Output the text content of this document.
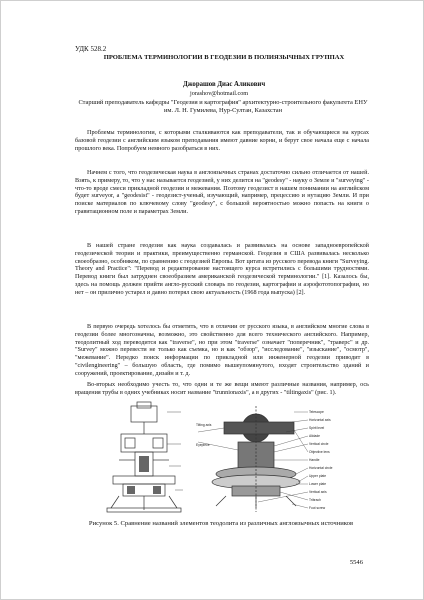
УДК 528.2
ПРОБЛЕМА ТЕРМИНОЛОГИИ В ГЕОДЕЗИИ В ПОЛИЯЗЫЧНЫХ ГРУППАХ
Джорашов Диас Аликович
jorashov@hotmail.com
Старший преподаватель кафедры "Геодезия и картография" архитектурно-строительного факультета ЕНУ им. Л. Н. Гумилева, Нур-Султан, Казахстан

Проблемы терминологии, с которыми сталкиваются как преподаватели, так и обучающиеся на курсах базовой геодезии с английским языком преподавания имеют давние корни, и берут свое начала еще с начала прошлого века. Попробуем немного разобраться в них.

Начнем с того, что геодезическая наука в англоязычных странах достаточно сильно отличается от нашей. Взять, к примеру, то, что у нас называется геодезией, у них делится на "geodesy" - науку о Земле и "surveying" - что-то вроде смеси прикладной геодезии и межевания. Поэтому геодезист в нашем понимании на английском будет surveyor, а "geodesist" - геодезист-ученый, изучающий, например, прецессию и нутацию Земли. И при поиске материалов по ключевому слову "geodesy", с большой вероятностью можно попасть на книги о гравитационном поле и параметрах Земли.

В нашей стране геодезия как наука создавалась и развивалась на основе западноевропейской геодезической теории и практики, преимущественно германской. Геодезия в США развивалась несколько своеобразно, особняком, по сравнению с геодезией Европы. Вот цитата из русского перевода книги "Surveying. Theory and Practice": "Перевод и редактирование настоящего курса встретились с большими трудностями. Перевод книги был затруднен своеобразием американской геодезической терминологии." [1]. Казалось бы, здесь на помощь должен прийти англо-русский словарь по геодезии, картографии и аэрофототопографии, но нет – он прилично устарел и давно потерял свою актуальность (1968 года выпуска) [2].

В первую очередь хотелось бы отметить, что в отличии от русского языка, в английском многие слова в геодезии более многозначны, возможно, это свойственно для всего технического английского. Например, теодолитный ход переводится как "traverse", но при этом "traverse" означает "поперечник", "траверс" и др. "Survey" можно перевести не только как съемка, но и как "обзор", "исследование", "изыскание", "осмотр", "межевание". Нередко поиск информации по прикладной или инженерной геодезии приводит в "civilengineering" – большую область, где помимо вышеупомянутого, входят строительство зданий и сооружений, проектирование, дизайн и т. д.

Во-вторых необходимо учесть то, что одни и те же вещи имеют различные названия, например, ось вращения трубы в одних учебниках носит название "trunnionaxis", а в других - "tiltingaxis" (рис. 1).

Telescope
Horizontal axis
Spirit level
Alidade
Vertical circle
Objective lens
Handle
Horizontal circle
Tilting axis
Eyepiece
Upper plate
Lower plate
Vertical axis
Tribrach
Foot screw
Рисунок 5. Сравнение названий элементов теодолита из различных англоязычных источников
5546
